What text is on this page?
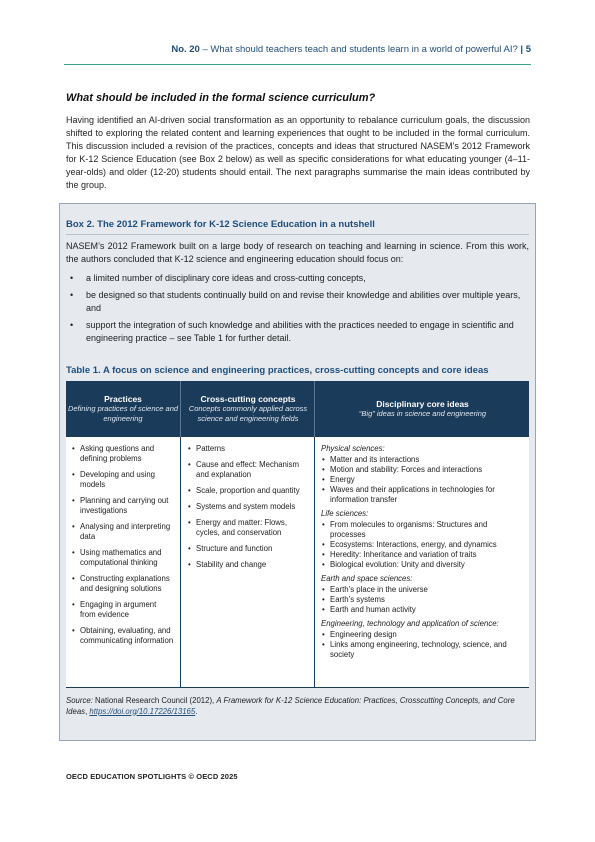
No. 20 – What should teachers teach and students learn in a world of powerful AI? | 5
What should be included in the formal science curriculum?
Having identified an AI-driven social transformation as an opportunity to rebalance curriculum goals, the discussion shifted to exploring the related content and learning experiences that ought to be included in the formal curriculum. This discussion included a revision of the practices, concepts and ideas that structured NASEM’s 2012 Framework for K-12 Science Education (see Box 2 below) as well as specific considerations for what educating younger (4–11-year-olds) and older (12-20) students should entail. The next paragraphs summarise the main ideas contributed by the group.
Box 2. The 2012 Framework for K-12 Science Education in a nutshell
NASEM’s 2012 Framework built on a large body of research on teaching and learning in science. From this work, the authors concluded that K-12 science and engineering education should focus on:
• a limited number of disciplinary core ideas and cross-cutting concepts,
• be designed so that students continually build on and revise their knowledge and abilities over multiple years, and
• support the integration of such knowledge and abilities with the practices needed to engage in scientific and engineering practice – see Table 1 for further detail.
Table 1. A focus on science and engineering practices, cross-cutting concepts and core ideas
Practices
Defining practices of science and engineering
Cross-cutting concepts
Concepts commonly applied across science and engineering fields
Disciplinary core ideas
“Big” ideas in science and engineering
• Asking questions and defining problems
• Developing and using models
• Planning and carrying out investigations
• Analysing and interpreting data
• Using mathematics and computational thinking
• Constructing explanations and designing solutions
• Engaging in argument from evidence
• Obtaining, evaluating, and communicating information
• Patterns
• Cause and effect: Mechanism and explanation
• Scale, proportion and quantity
• Systems and system models
• Energy and matter: Flows, cycles, and conservation
• Structure and function
• Stability and change
Physical sciences:
• Matter and its interactions
• Motion and stability: Forces and interactions
• Energy
• Waves and their applications in technologies for information transfer
Life sciences:
• From molecules to organisms: Structures and processes
• Ecosystems: Interactions, energy, and dynamics
• Heredity: Inheritance and variation of traits
• Biological evolution: Unity and diversity
Earth and space sciences:
• Earth’s place in the universe
• Earth’s systems
• Earth and human activity
Engineering, technology and application of science:
• Engineering design
• Links among engineering, technology, science, and society
Source: National Research Council (2012), A Framework for K-12 Science Education: Practices, Crosscutting Concepts, and Core Ideas, https://doi.org/10.17226/13165.
OECD EDUCATION SPOTLIGHTS © OECD 2025
